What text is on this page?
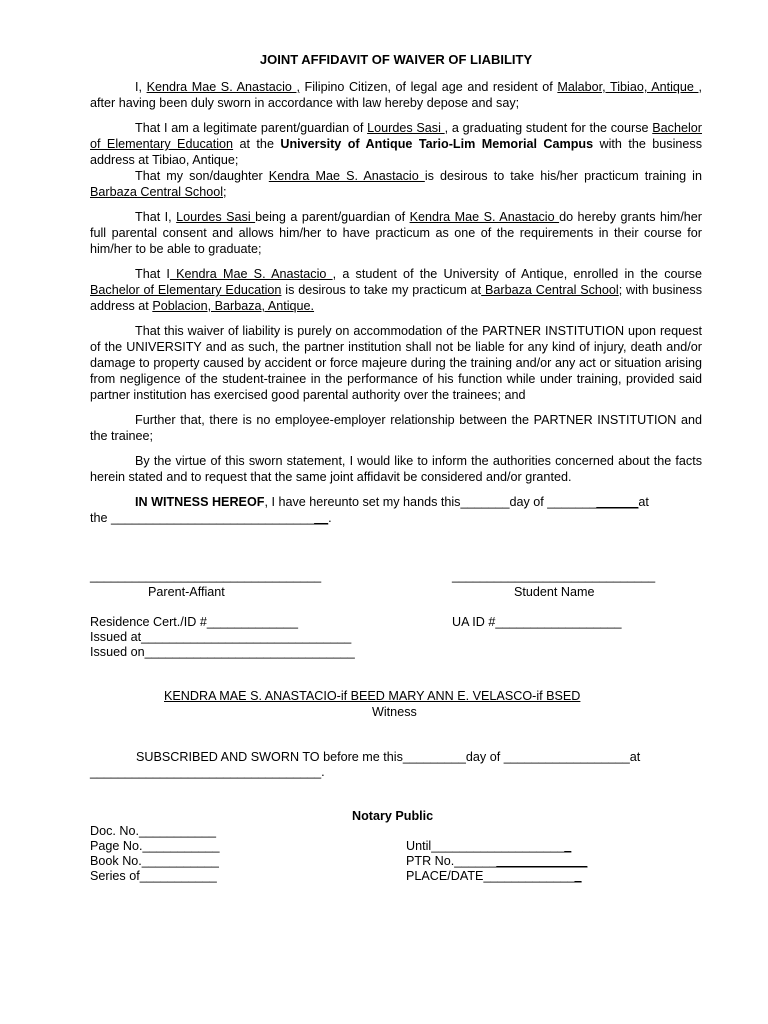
JOINT AFFIDAVIT OF WAIVER OF LIABILITY

I, Kendra Mae S. Anastacio , Filipino Citizen, of legal age and resident of Malabor, Tibiao, Antique , after having been duly sworn in accordance with law hereby depose and say;

That I am a legitimate parent/guardian of Lourdes Sasi , a graduating student for the course Bachelor of Elementary Education at the University of Antique Tario-Lim Memorial Campus with the business address at Tibiao, Antique;

That my son/daughter Kendra Mae S. Anastacio is desirous to take his/her practicum training in Barbaza Central School;

That I, Lourdes Sasi being a parent/guardian of Kendra Mae S. Anastacio do hereby grants him/her full parental consent and allows him/her to have practicum as one of the requirements in their course for him/her to be able to graduate;

That I Kendra Mae S. Anastacio , a student of the University of Antique, enrolled in the course Bachelor of Elementary Education is desirous to take my practicum at Barbaza Central School; with business address at Poblacion, Barbaza, Antique.

That this waiver of liability is purely on accommodation of the PARTNER INSTITUTION upon request of the UNIVERSITY and as such, the partner institution shall not be liable for any kind of injury, death and/or damage to property caused by accident or force majeure during the training and/or any act or situation arising from negligence of the student-trainee in the performance of his function while under training, provided said partner institution has exercised good parental authority over the trainees; and

Further that, there is no employee-employer relationship between the PARTNER INSTITUTION and the trainee;

By the virtue of this sworn statement, I would like to inform the authorities concerned about the facts herein stated and to request that the same joint affidavit be considered and/or granted.

IN WITNESS HEREOF, I have hereunto set my hands this_______day of _____________at

the _______________________________.

_________________________________
Parent-Affiant
_____________________________
Student Name
Residence Cert./ID #_____________
Issued at______________________________
Issued on______________________________
UA ID #__________________
KENDRA MAE S. ANASTACIO-if BEED MARY ANN E. VELASCO-if BSED
Witness
SUBSCRIBED AND SWORN TO before me this_________day of __________________at
_________________________________.
Notary Public
Doc. No.___________
Page No.___________
Book No.___________
Series of___________
Until____________________
PTR No.___________________
PLACE/DATE______________
